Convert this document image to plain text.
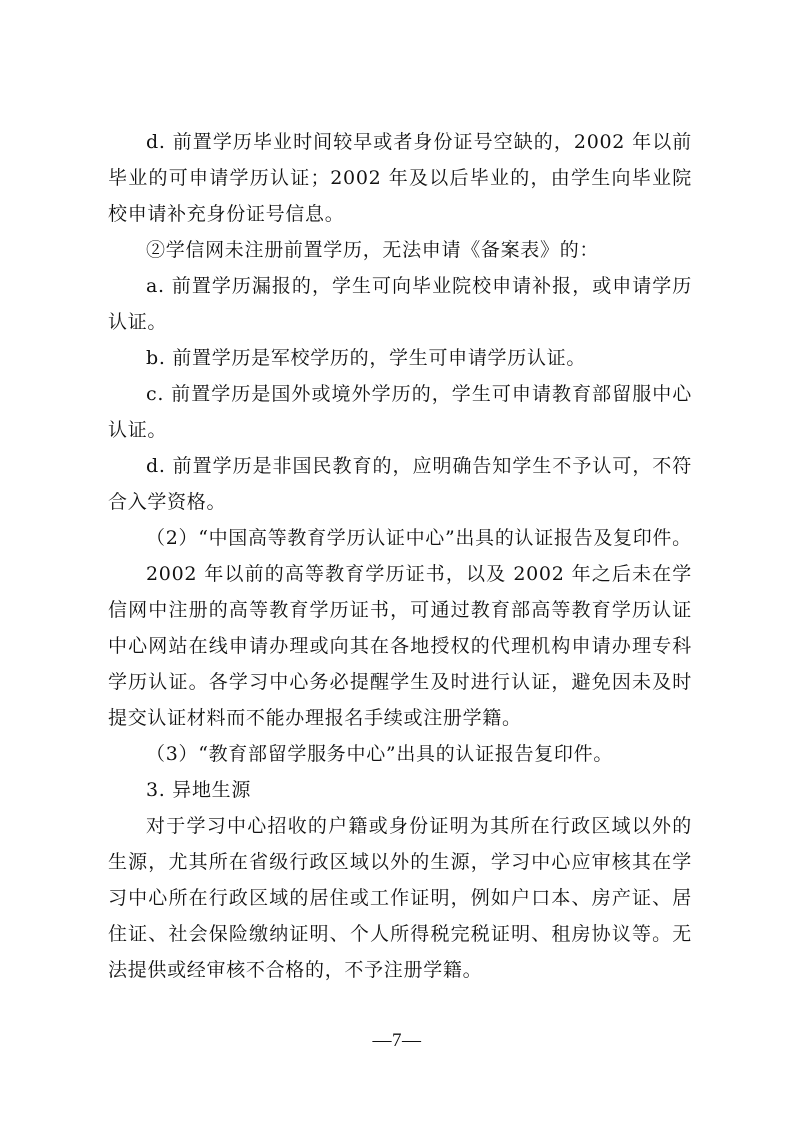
d. 前置学历毕业时间较早或者身份证号空缺的，2002 年以前毕业的可申请学历认证；2002 年及以后毕业的，由学生向毕业院校申请补充身份证号信息。

②学信网未注册前置学历，无法申请《备案表》的：

a. 前置学历漏报的，学生可向毕业院校申请补报，或申请学历认证。

b. 前置学历是军校学历的，学生可申请学历认证。

c. 前置学历是国外或境外学历的，学生可申请教育部留服中心认证。

d. 前置学历是非国民教育的，应明确告知学生不予认可，不符合入学资格。

（2）“中国高等教育学历认证中心”出具的认证报告及复印件。

2002 年以前的高等教育学历证书，以及 2002 年之后未在学信网中注册的高等教育学历证书，可通过教育部高等教育学历认证中心网站在线申请办理或向其在各地授权的代理机构申请办理专科学历认证。各学习中心务必提醒学生及时进行认证，避免因未及时提交认证材料而不能办理报名手续或注册学籍。

（3）“教育部留学服务中心”出具的认证报告复印件。

3. 异地生源

对于学习中心招收的户籍或身份证明为其所在行政区域以外的生源，尤其所在省级行政区域以外的生源，学习中心应审核其在学习中心所在行政区域的居住或工作证明，例如户口本、房产证、居住证、社会保险缴纳证明、个人所得税完税证明、租房协议等。无法提供或经审核不合格的，不予注册学籍。

—7—
